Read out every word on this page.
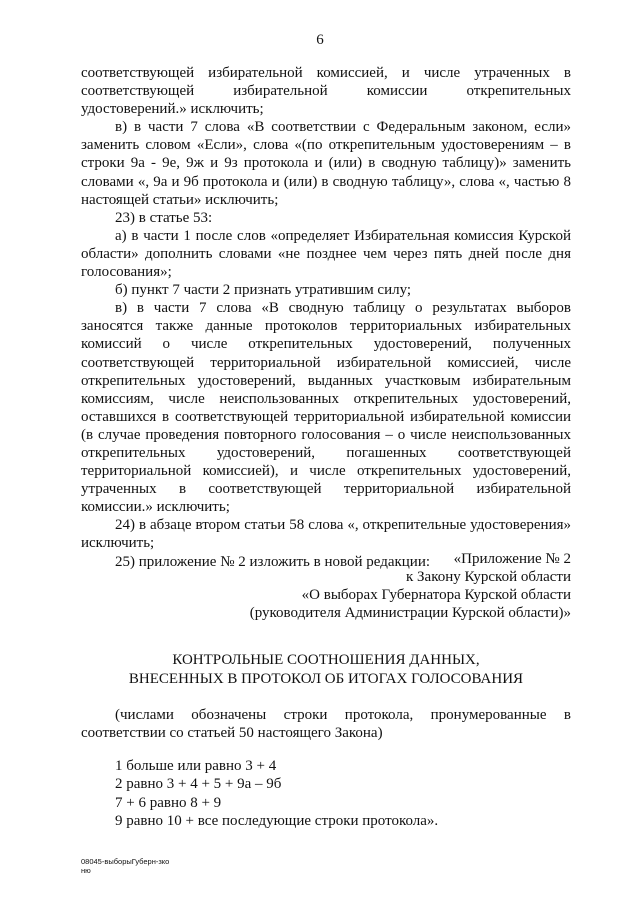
6

соответствующей избирательной комиссией, и числе утраченных в соответствующей избирательной комиссии открепительных удостоверений.» исключить;

в) в части 7 слова «В соответствии с Федеральным законом, если» заменить словом «Если», слова «(по открепительным удостоверениям – в строки 9а - 9е, 9ж и 9з протокола и (или) в сводную таблицу)» заменить словами «, 9а и 9б протокола и (или) в сводную таблицу», слова «, частью 8 настоящей статьи» исключить;

23) в статье 53:

а) в части 1 после слов «определяет Избирательная комиссия Курской области» дополнить словами «не позднее чем через пять дней после дня голосования»;

б) пункт 7 части 2 признать утратившим силу;

в) в части 7 слова «В сводную таблицу о результатах выборов заносятся также данные протоколов территориальных избирательных комиссий о числе открепительных удостоверений, полученных соответствующей территориальной избирательной комиссией, числе открепительных удостоверений, выданных участковым избирательным комиссиям, числе неиспользованных открепительных удостоверений, оставшихся в соответствующей территориальной избирательной комиссии (в случае проведения повторного голосования – о числе неиспользованных открепительных удостоверений, погашенных соответствующей территориальной комиссией), и числе открепительных удостоверений, утраченных в соответствующей территориальной избирательной комиссии.» исключить;

24) в абзаце втором статьи 58 слова «, открепительные удостоверения» исключить;

25) приложение № 2 изложить в новой редакции:	«Приложение № 2
к Закону Курской области
«О выборах Губернатора Курской области
(руководителя Администрации Курской области)»
КОНТРОЛЬНЫЕ СООТНОШЕНИЯ ДАННЫХ,
ВНЕСЕННЫХ В ПРОТОКОЛ ОБ ИТОГАХ ГОЛОСОВАНИЯ

(числами обозначены строки протокола, пронумерованные в соответствии со статьей 50 настоящего Закона)

1 больше или равно 3 + 4
2 равно 3 + 4 + 5 + 9а – 9б
7 + 6 равно 8 + 9
9 равно 10 + все последующие строки протокола».
08045-выборыГуберн-зко
ню
